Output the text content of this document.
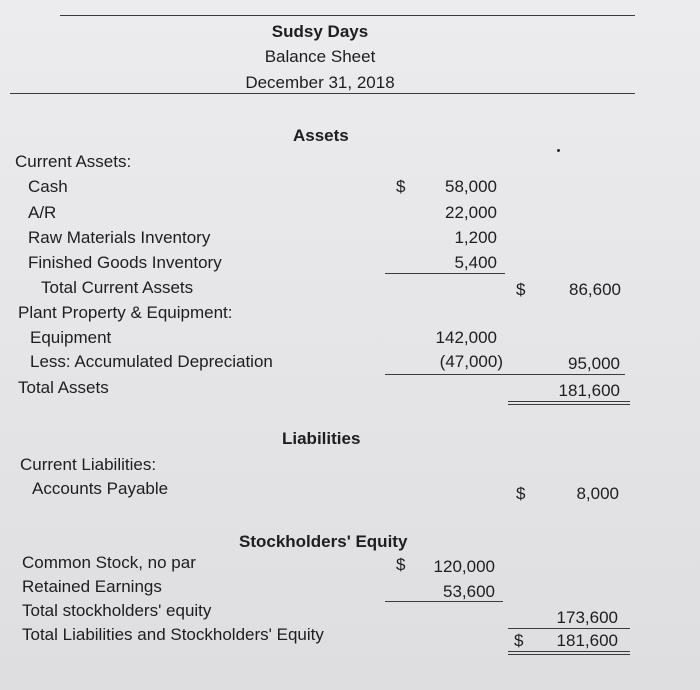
Sudsy Days
Balance Sheet
December 31, 2018
Assets
Current Assets:
Cash	$	58,000
A/R	22,000
Raw Materials Inventory	1,200
Finished Goods Inventory	5,400
Total Current Assets	$	86,600
Plant Property & Equipment:
Equipment	142,000
Less: Accumulated Depreciation	(47,000)	95,000
Total Assets	181,600
Liabilities
Current Liabilities:
Accounts Payable	$	8,000
Stockholders' Equity
Common Stock, no par	$	120,000
Retained Earnings	53,600
Total stockholders' equity	173,600
Total Liabilities and Stockholders' Equity	$	181,600
